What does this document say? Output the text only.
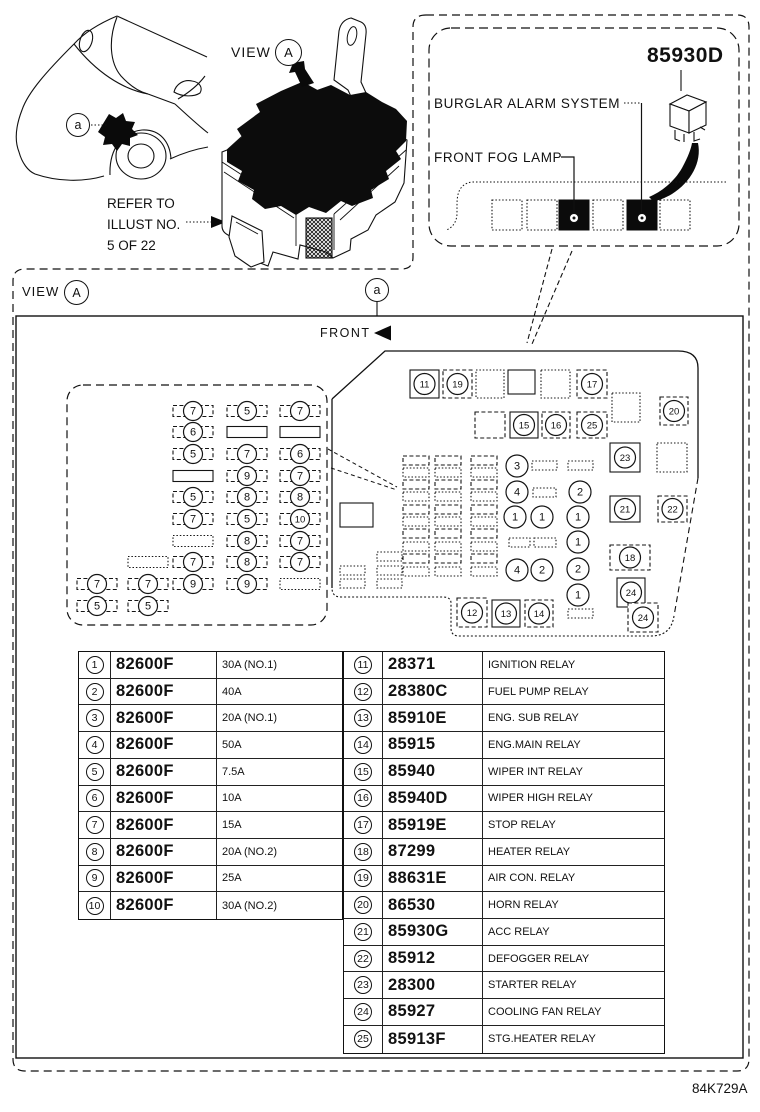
7
6
5
5
7
7
9
5
7
9
8
5
8
8
9
7
6
7
8
10
7
7
7
5
7
5
11 19	17
20
15 16	25
23
21	22
18
24
24
12 13 14
3
4	2
1 1	1
1
4 2	2
1
VIEW	A
a
REFER TO
ILLUST NO.
5 OF 22
85930D
BURGLAR ALARM SYSTEM
FRONT FOG LAMP
VIEW	A	a
FRONT
1	82600F	30A (NO.1)
2	82600F	40A
3	82600F	20A (NO.1)
4	82600F	50A
5	82600F	7.5A
6	82600F	10A
7	82600F	15A
8	82600F	20A (NO.2)
9	82600F	25A
10 82600F	30A (NO.2)
11	28371	IGNITION RELAY
12	28380C	FUEL PUMP RELAY
13	85910E	ENG. SUB RELAY
14	85915	ENG.MAIN RELAY
15	85940	WIPER INT RELAY
16	85940D	WIPER HIGH RELAY
17	85919E	STOP RELAY
18	87299	HEATER RELAY
19	88631E	AIR CON. RELAY
20	86530	HORN RELAY
21	85930G	ACC RELAY
22	85912	DEFOGGER RELAY
23	28300	STARTER RELAY
24	85927	COOLING FAN RELAY
25	85913F	STG.HEATER RELAY
84K729A
